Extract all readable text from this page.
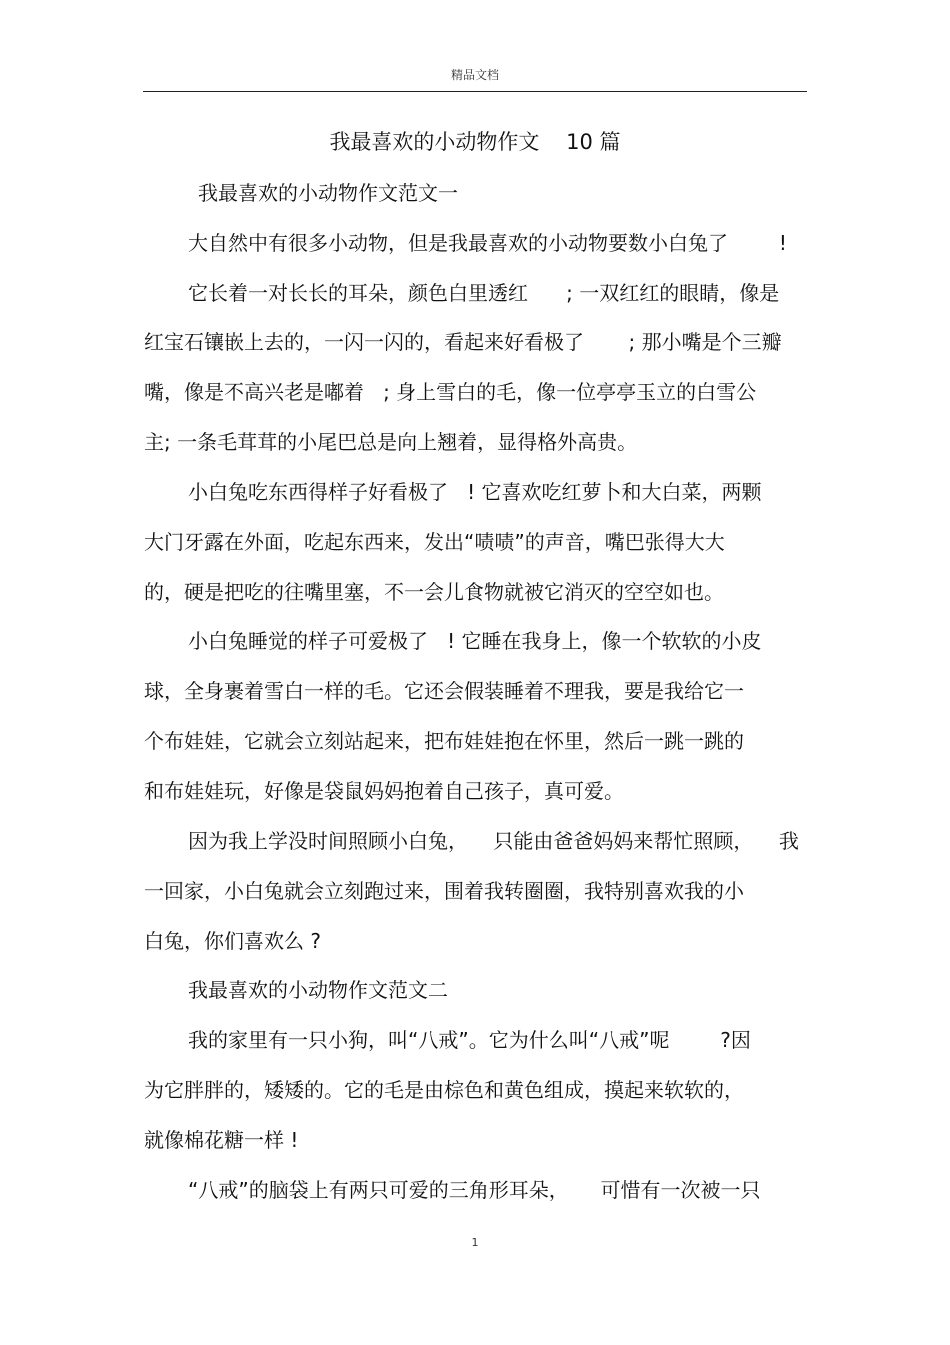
精品文档
我最喜欢的小动物作文    10 篇
我最喜欢的小动物作文范文一
大自然中有很多小动物，但是我最喜欢的小动物要数小白兔了        !
它长着一对长长的耳朵，颜色白里透红      ; 一双红红的眼睛，像是
红宝石镶嵌上去的，一闪一闪的，看起来好看极了       ; 那小嘴是个三瓣
嘴，像是不高兴老是嘟着   ; 身上雪白的毛，像一位亭亭玉立的白雪公
主; 一条毛茸茸的小尾巴总是向上翘着，显得格外高贵。
小白兔吃东西得样子好看极了   ! 它喜欢吃红萝卜和大白菜，两颗
大门牙露在外面，吃起东西来，发出“啧啧”的声音，嘴巴张得大大
的，硬是把吃的往嘴里塞，不一会儿食物就被它消灭的空空如也。
小白兔睡觉的样子可爱极了   ! 它睡在我身上，像一个软软的小皮
球，全身裹着雪白一样的毛。它还会假装睡着不理我，要是我给它一
个布娃娃，它就会立刻站起来，把布娃娃抱在怀里，然后一跳一跳的
和布娃娃玩，好像是袋鼠妈妈抱着自己孩子，真可爱。
因为我上学没时间照顾小白兔，    只能由爸爸妈妈来帮忙照顾，    我
一回家，小白兔就会立刻跑过来，围着我转圈圈，我特别喜欢我的小
白兔，你们喜欢么 ?
我最喜欢的小动物作文范文二
我的家里有一只小狗，叫“八戒”。它为什么叫“八戒”呢        ?因
为它胖胖的，矮矮的。它的毛是由棕色和黄色组成，摸起来软软的，
就像棉花糖一样 !
“八戒”的脑袋上有两只可爱的三角形耳朵，     可惜有一次被一只
1
